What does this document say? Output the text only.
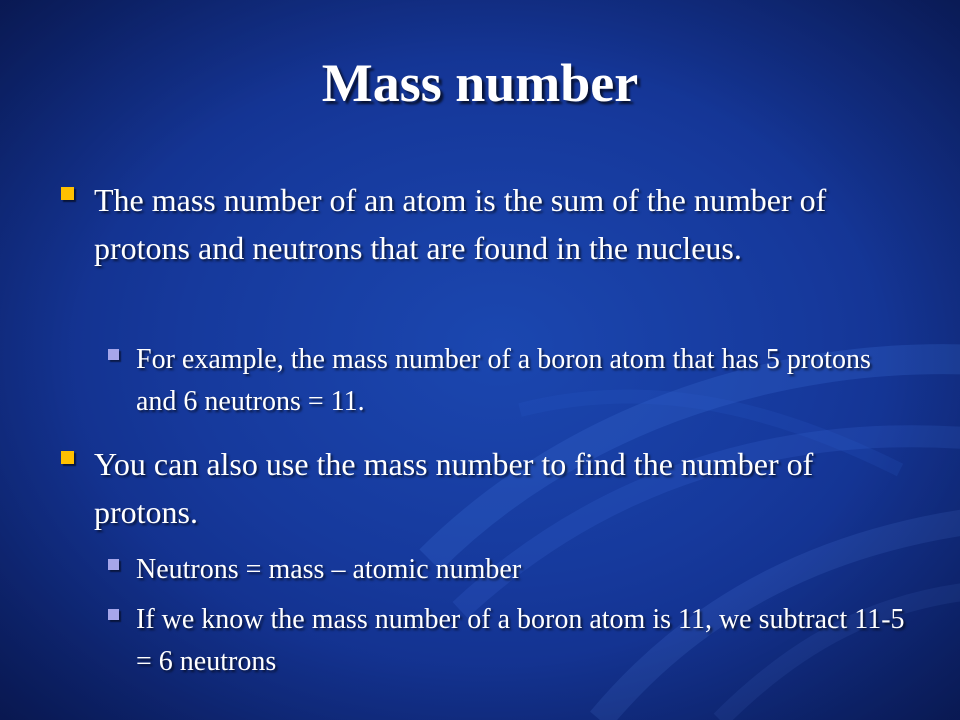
Mass number
The mass number of an atom is the sum of the number of protons and neutrons that are found in the nucleus.
For example, the mass number of a boron atom that has 5 protons and 6 neutrons = 11.
You can also use the mass number to find the number of protons.
Neutrons = mass – atomic number
If we know the mass number of a boron atom is 11, we subtract 11-5 = 6 neutrons
